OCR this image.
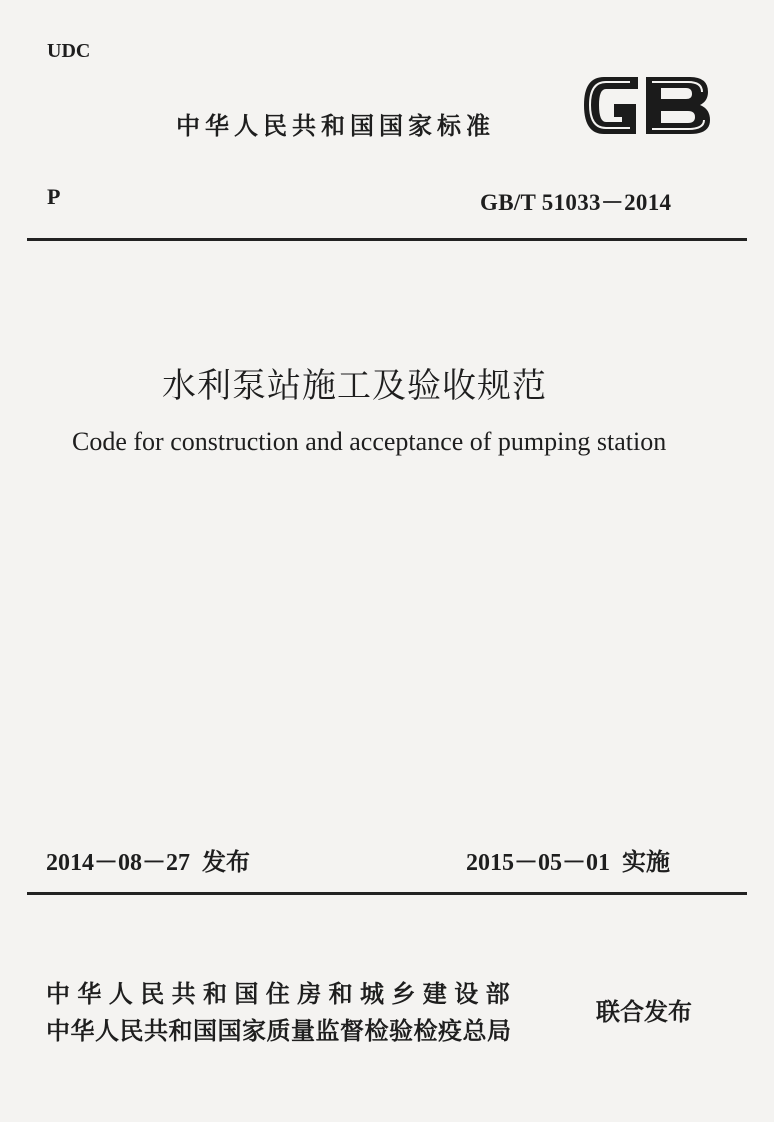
UDC
中华人民共和国国家标准
P	GB/T 51033－2014
水利泵站施工及验收规范
Code for construction and acceptance of pumping station
2014－08－27 发布	2015－05－01 实施
中华人民共和国住房和城乡建设部
中华人民共和国国家质量监督检验检疫总局
联合发布
